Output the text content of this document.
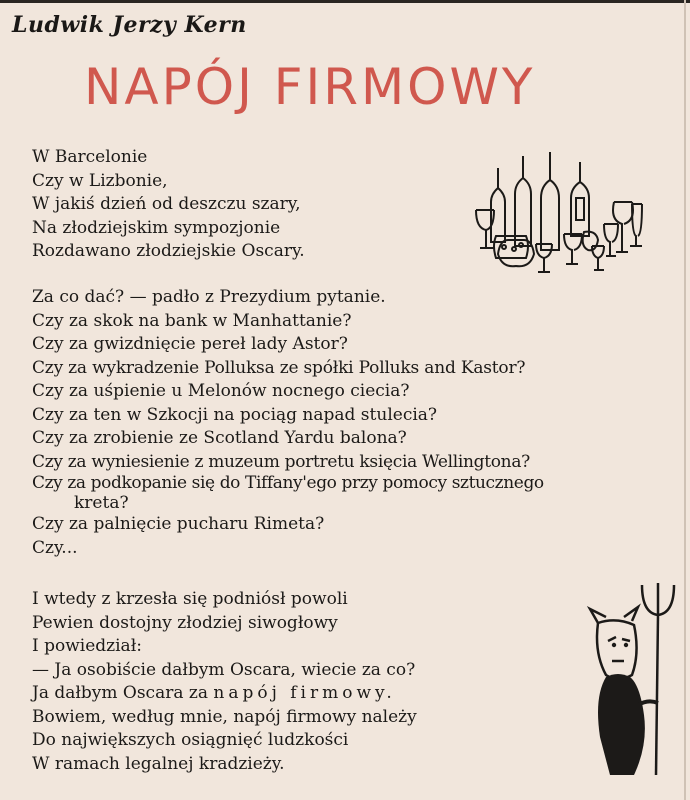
Ludwik Jerzy Kern
NAPÓJ FIRMOWY
W Barcelonie
Czy w Lizbonie,
W jakiś dzień od deszczu szary,
Na złodziejskim sympozjonie
Rozdawano złodziejskie Oscary.
Za co dać? — padło z Prezydium pytanie.
Czy za skok na bank w Manhattanie?
Czy za gwizdnięcie pereł lady Astor?
Czy za wykradzenie Polluksa ze spółki Polluks and Kastor?
Czy za uśpienie u Melonów nocnego ciecia?
Czy za ten w Szkocji na pociąg napad stulecia?
Czy za zrobienie ze Scotland Yardu balona?
Czy za wyniesienie z muzeum portretu księcia Wellingtona?
Czy za podkopanie się do Tiffany'ego przy pomocy sztucznego
kreta?
Czy za palnięcie pucharu Rimeta?
Czy...
I wtedy z krzesła się podniósł powoli
Pewien dostojny złodziej siwogłowy
I powiedział:
— Ja osobiście dałbym Oscara, wiecie za co?
Ja dałbym Oscara za napój firmowy.
Bowiem, według mnie, napój firmowy należy
Do największych osiągnięć ludzkości
W ramach legalnej kradzieży.
